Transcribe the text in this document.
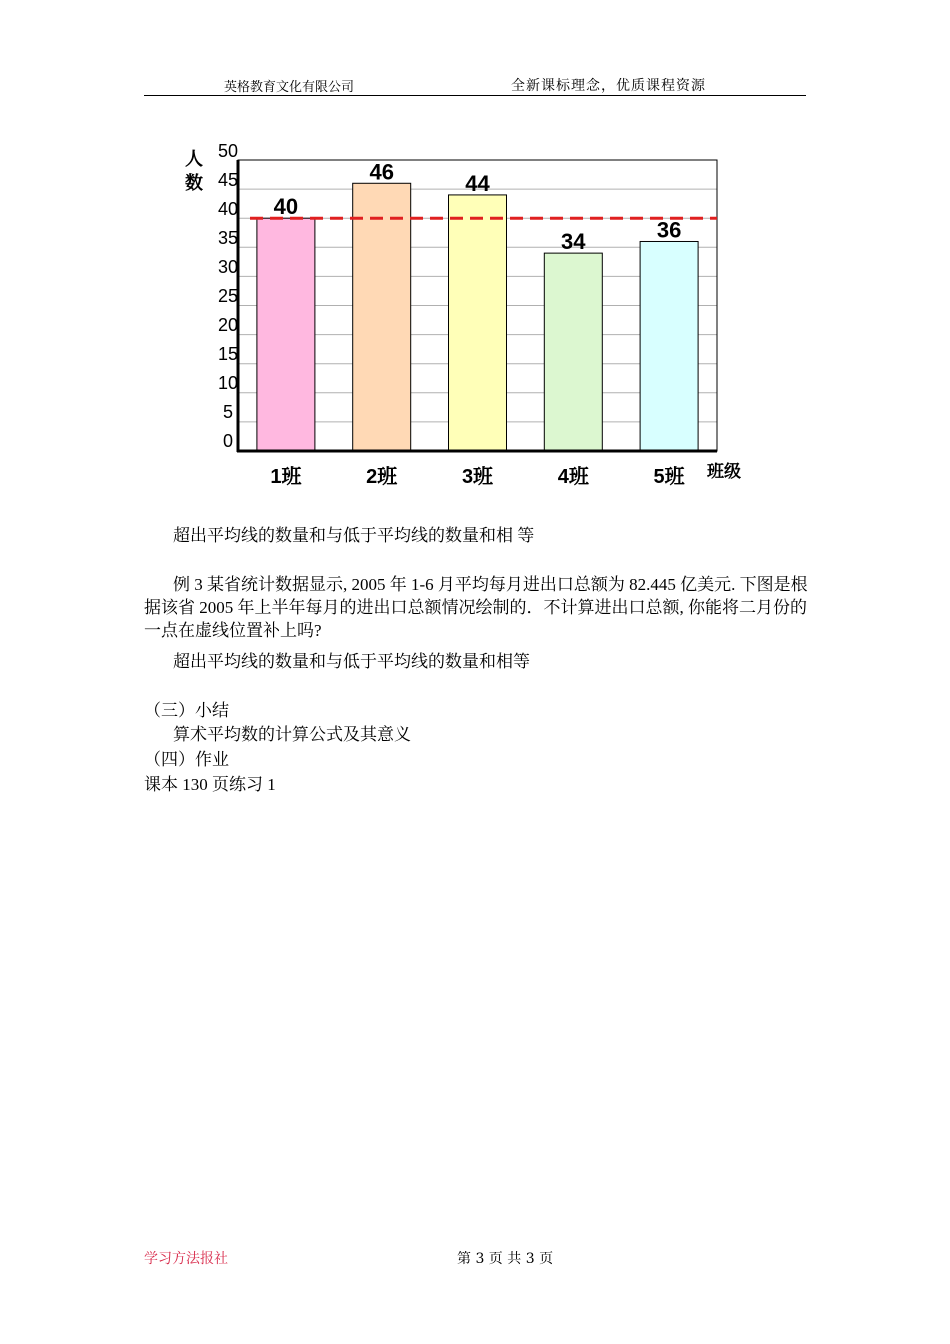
英格教育文化有限公司	全新课标理念，优质课程资源
40
46	44
34	36
50
45
40
35
30
25
20
15
10
5
0
1班	2班	3班	4班	5班
人
数
班级
超出平均线的数量和与低于平均线的数量和相 等
例 3 某省统计数据显示, 2005 年 1-6 月平均每月进出口总额为 82.445 亿美元. 下图是根据该省 2005 年上半年每月的进出口总额情况绘制的．不计算进出口总额, 你能将二月份的一点在虚线位置补上吗?
超出平均线的数量和与低于平均线的数量和相等
（三）小结
算术平均数的计算公式及其意义
（四）作业
课本 130 页练习 1
学习方法报社	第 3 页 共 3 页
